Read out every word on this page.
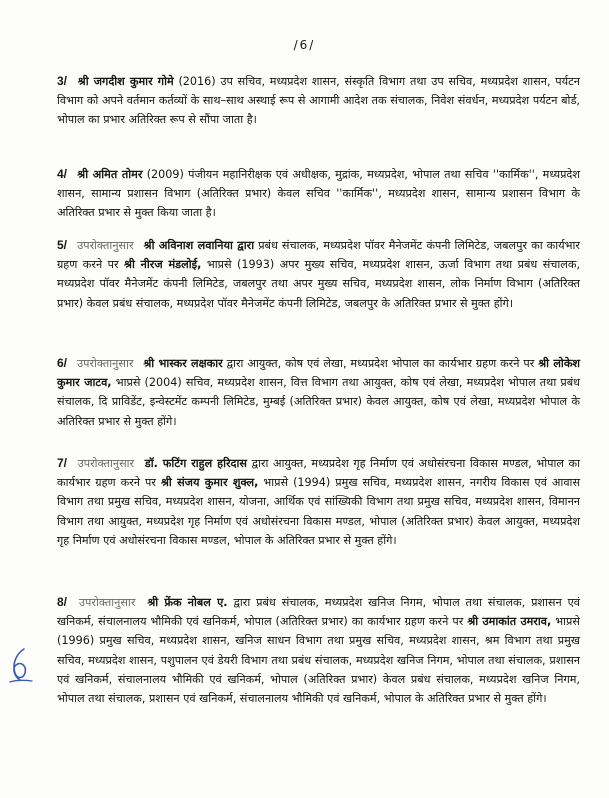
/6/

3/ श्री जगदीश कुमार गोमे (2016) उप सचिव, मध्यप्रदेश शासन, संस्कृति विभाग तथा उप सचिव, मध्यप्रदेश शासन, पर्यटन विभाग को अपने वर्तमान कर्तव्यों के साथ–साथ अस्थाई रूप से आगामी आदेश तक संचालक, निवेश संवर्धन, मध्यप्रदेश पर्यटन बोर्ड, भोपाल का प्रभार अतिरिक्त रूप से सौंपा जाता है।

4/ श्री अमित तोमर (2009) पंजीयन महानिरीक्षक एवं अधीक्षक, मुद्रांक, मध्यप्रदेश, भोपाल तथा सचिव ''कार्मिक'', मध्यप्रदेश शासन, सामान्य प्रशासन विभाग (अतिरिक्त प्रभार) केवल सचिव ''कार्मिक'', मध्यप्रदेश शासन, सामान्य प्रशासन विभाग के अतिरिक्त प्रभार से मुक्त किया जाता है।

5/ उपरोक्तानुसार श्री अविनाश लवानिया द्वारा प्रबंध संचालक, मध्यप्रदेश पॉवर मैनेजमेंट कंपनी लिमिटेड, जबलपुर का कार्यभार ग्रहण करने पर श्री नीरज मंडलोई, भाप्रसे (1993) अपर मुख्य सचिव, मध्यप्रदेश शासन, ऊर्जा विभाग तथा प्रबंध संचालक, मध्यप्रदेश पॉवर मैनेजमेंट कंपनी लिमिटेड, जबलपुर तथा अपर मुख्य सचिव, मध्यप्रदेश शासन, लोक निर्माण विभाग (अतिरिक्त प्रभार) केवल प्रबंध संचालक, मध्यप्रदेश पॉवर मैनेजमेंट कंपनी लिमिटेड, जबलपुर के अतिरिक्त प्रभार से मुक्त होंगे।

6/ उपरोक्तानुसार श्री भास्कर लक्षकार द्वारा आयुक्त, कोष एवं लेखा, मध्यप्रदेश भोपाल का कार्यभार ग्रहण करने पर श्री लोकेश कुमार जाटव, भाप्रसे (2004) सचिव, मध्यप्रदेश शासन, वित्त विभाग तथा आयुक्त, कोष एवं लेखा, मध्यप्रदेश भोपाल तथा प्रबंध संचालक, दि प्राविडेंट, इन्वेस्टमेंट कम्पनी लिमिटेड, मुम्बई (अतिरिक्त प्रभार) केवल आयुक्त, कोष एवं लेखा, मध्यप्रदेश भोपाल के अतिरिक्त प्रभार से मुक्त होंगे।

7/ उपरोक्तानुसार डॉ. फटिंग राहुल हरिदास द्वारा आयुक्त, मध्यप्रदेश गृह निर्माण एवं अधोसंरचना विकास मण्डल, भोपाल का कार्यभार ग्रहण करने पर श्री संजय कुमार शुक्ल, भाप्रसे (1994) प्रमुख सचिव, मध्यप्रदेश शासन, नगरीय विकास एवं आवास विभाग तथा प्रमुख सचिव, मध्यप्रदेश शासन, योजना, आर्थिक एवं सांख्यिकी विभाग तथा प्रमुख सचिव, मध्यप्रदेश शासन, विमानन विभाग तथा आयुक्त, मध्यप्रदेश गृह निर्माण एवं अधोसंरचना विकास मण्डल, भोपाल (अतिरिक्त प्रभार) केवल आयुक्त, मध्यप्रदेश गृह निर्माण एवं अधोसंरचना विकास मण्डल, भोपाल के अतिरिक्त प्रभार से मुक्त होंगे।

8/ उपरोक्तानुसार श्री फ्रेंक नोबल ए. द्वारा प्रबंध संचालक, मध्यप्रदेश खनिज निगम, भोपाल तथा संचालक, प्रशासन एवं खनिकर्म, संचालनालय भौमिकी एवं खनिकर्म, भोपाल (अतिरिक्त प्रभार) का कार्यभार ग्रहण करने पर श्री उमाकांत उमराव, भाप्रसे (1996) प्रमुख सचिव, मध्यप्रदेश शासन, खनिज साधन विभाग तथा प्रमुख सचिव, मध्यप्रदेश शासन, श्रम विभाग तथा प्रमुख सचिव, मध्यप्रदेश शासन, पशुपालन एवं डेयरी विभाग तथा प्रबंध संचालक, मध्यप्रदेश खनिज निगम, भोपाल तथा संचालक, प्रशासन एवं खनिकर्म, संचालनालय भौमिकी एवं खनिकर्म, भोपाल (अतिरिक्त प्रभार) केवल प्रबंध संचालक, मध्यप्रदेश खनिज निगम, भोपाल तथा संचालक, प्रशासन एवं खनिकर्म, संचालनालय भौमिकी एवं खनिकर्म, भोपाल के अतिरिक्त प्रभार से मुक्त होंगे।
